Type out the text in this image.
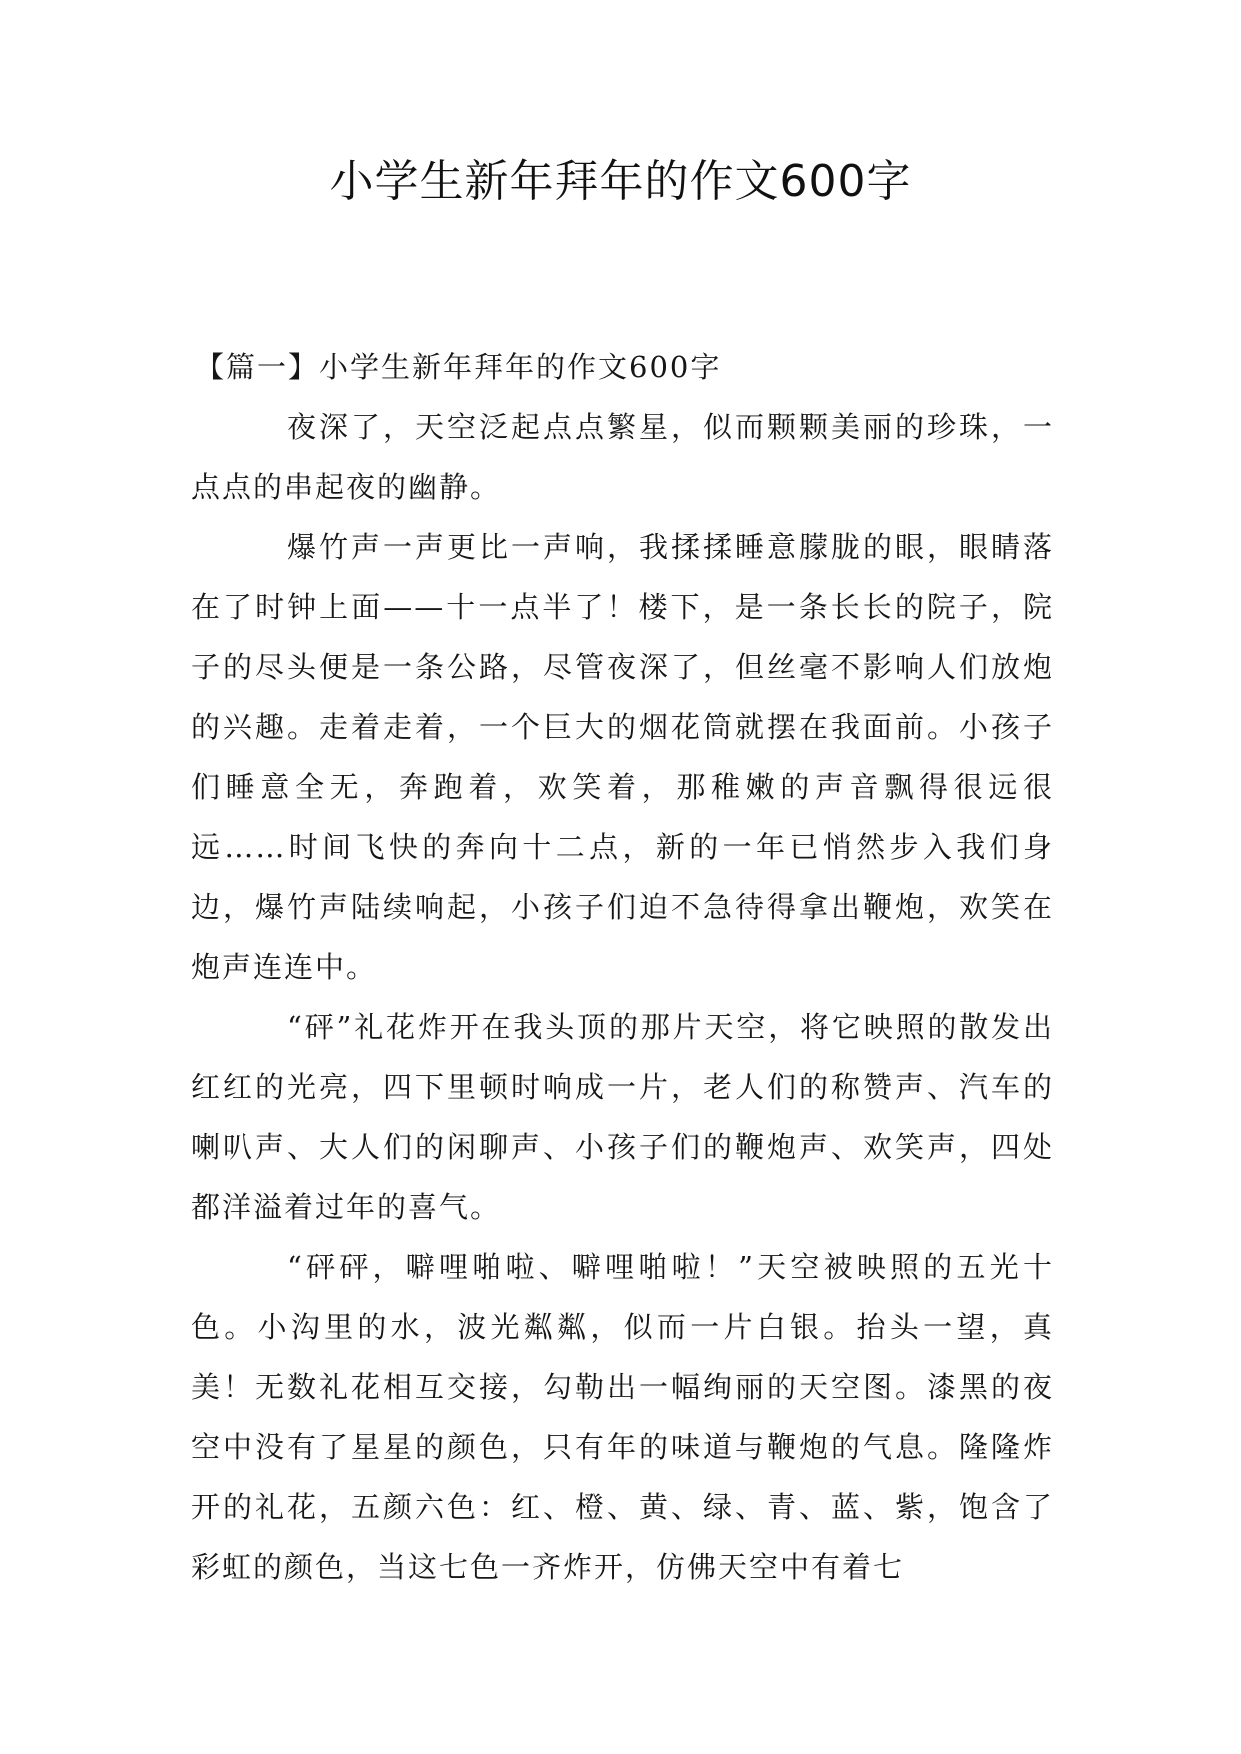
小学生新年拜年的作文600字

【篇一】小学生新年拜年的作文600字

夜深了，天空泛起点点繁星，似而颗颗美丽的珍珠，一点点的串起夜的幽静。

爆竹声一声更比一声响，我揉揉睡意朦胧的眼，眼睛落在了时钟上面——十一点半了！楼下，是一条长长的院子，院子的尽头便是一条公路，尽管夜深了，但丝毫不影响人们放炮的兴趣。走着走着，一个巨大的烟花筒就摆在我面前。小孩子们睡意全无，奔跑着，欢笑着，那稚嫩的声音飘得很远很远……时间飞快的奔向十二点，新的一年已悄然步入我们身边，爆竹声陆续响起，小孩子们迫不急待得拿出鞭炮，欢笑在炮声连连中。

“砰”礼花炸开在我头顶的那片天空，将它映照的散发出红红的光亮，四下里顿时响成一片，老人们的称赞声、汽车的喇叭声、大人们的闲聊声、小孩子们的鞭炮声、欢笑声，四处都洋溢着过年的喜气。

“砰砰，噼哩啪啦、噼哩啪啦！”天空被映照的五光十色。小沟里的水，波光粼粼，似而一片白银。抬头一望，真美！无数礼花相互交接，勾勒出一幅绚丽的天空图。漆黑的夜空中没有了星星的颜色，只有年的味道与鞭炮的气息。隆隆炸开的礼花，五颜六色：红、橙、黄、绿、青、蓝、紫，饱含了彩虹的颜色，当这七色一齐炸开，仿佛天空中有着七
